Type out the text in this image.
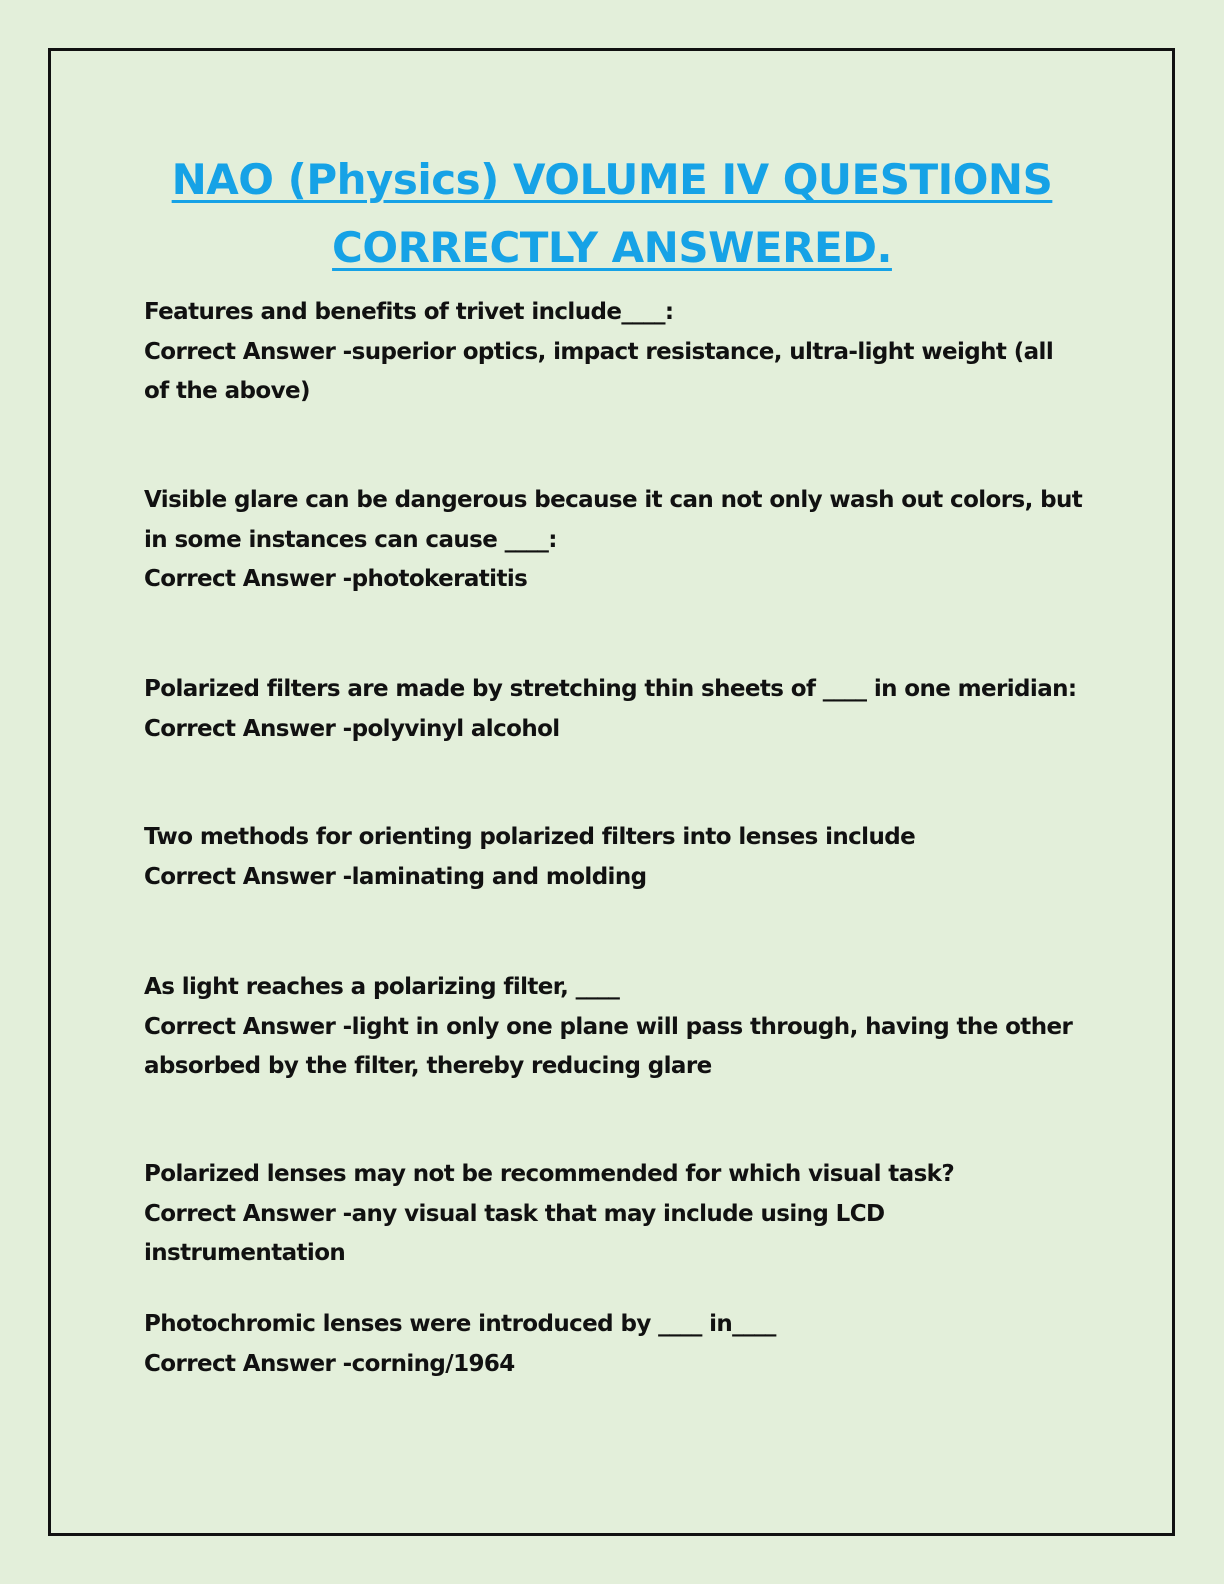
NAO (Physics) VOLUME IV QUESTIONS
CORRECTLY ANSWERED.

Features and benefits of trivet include____:

Correct Answer -superior optics, impact resistance, ultra-light weight (all of the above)

Visible glare can be dangerous because it can not only wash out colors, but in some instances can cause ____:

Correct Answer -photokeratitis

Polarized filters are made by stretching thin sheets of ____ in one meridian:

Correct Answer -polyvinyl alcohol

Two methods for orienting polarized filters into lenses include

Correct Answer -laminating and molding

As light reaches a polarizing filter, ____

Correct Answer -light in only one plane will pass through, having the other absorbed by the filter, thereby reducing glare

Polarized lenses may not be recommended for which visual task?

Correct Answer -any visual task that may include using LCD instrumentation

Photochromic lenses were introduced by ____ in____

Correct Answer -corning/1964
